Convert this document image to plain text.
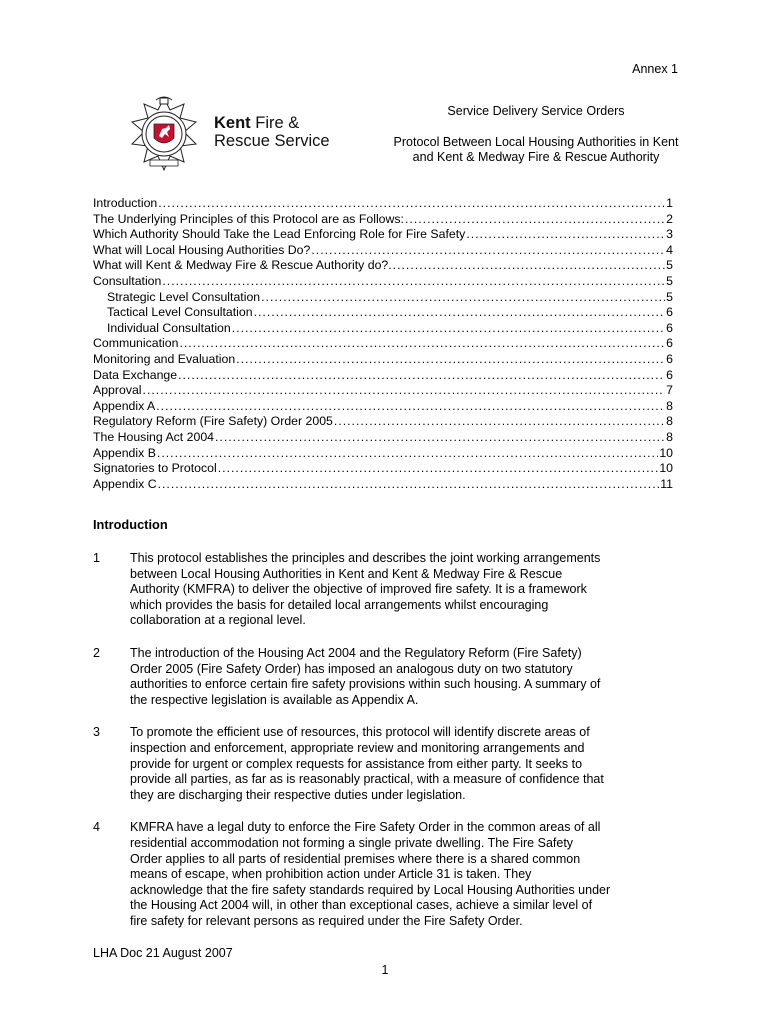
Annex 1
Kent Fire &
Rescue Service
Service Delivery Service Orders
Protocol Between Local Housing Authorities in Kent and Kent & Medway Fire & Rescue Authority
Introduction .....	1
The Underlying Principles of this Protocol are as Follows: .....	2
Which Authority Should Take the Lead Enforcing Role for Fire Safety .....	3
What will Local Housing Authorities Do? .....	4
What will Kent & Medway Fire & Rescue Authority do?. .....	5
Consultation .....	5
Strategic Level Consultation .....	5
Tactical Level Consultation .....	6
Individual Consultation .....	6
Communication .....	6
Monitoring and Evaluation .....	6
Data Exchange .....	6
Approval .....	7
Appendix A .....	8
Regulatory Reform (Fire Safety) Order 2005 .....	8
The Housing Act 2004 .....	8
Appendix B .....	10
Signatories to Protocol .....	10
Appendix C .....	11
Introduction
1	This protocol establishes the principles and describes the joint working arrangements
between Local Housing Authorities in Kent and Kent & Medway Fire & Rescue
Authority (KMFRA) to deliver the objective of improved fire safety. It is a framework
which provides the basis for detailed local arrangements whilst encouraging
collaboration at a regional level.
2	The introduction of the Housing Act 2004 and the Regulatory Reform (Fire Safety)
Order 2005 (Fire Safety Order) has imposed an analogous duty on two statutory
authorities to enforce certain fire safety provisions within such housing. A summary of
the respective legislation is available as Appendix A.
3	To promote the efficient use of resources, this protocol will identify discrete areas of
inspection and enforcement, appropriate review and monitoring arrangements and
provide for urgent or complex requests for assistance from either party. It seeks to
provide all parties, as far as is reasonably practical, with a measure of confidence that
they are discharging their respective duties under legislation.
4	KMFRA have a legal duty to enforce the Fire Safety Order in the common areas of all
residential accommodation not forming a single private dwelling. The Fire Safety
Order applies to all parts of residential premises where there is a shared common
means of escape, when prohibition action under Article 31 is taken. They
acknowledge that the fire safety standards required by Local Housing Authorities under
the Housing Act 2004 will, in other than exceptional cases, achieve a similar level of
fire safety for relevant persons as required under the Fire Safety Order.
LHA Doc 21 August 2007
1
